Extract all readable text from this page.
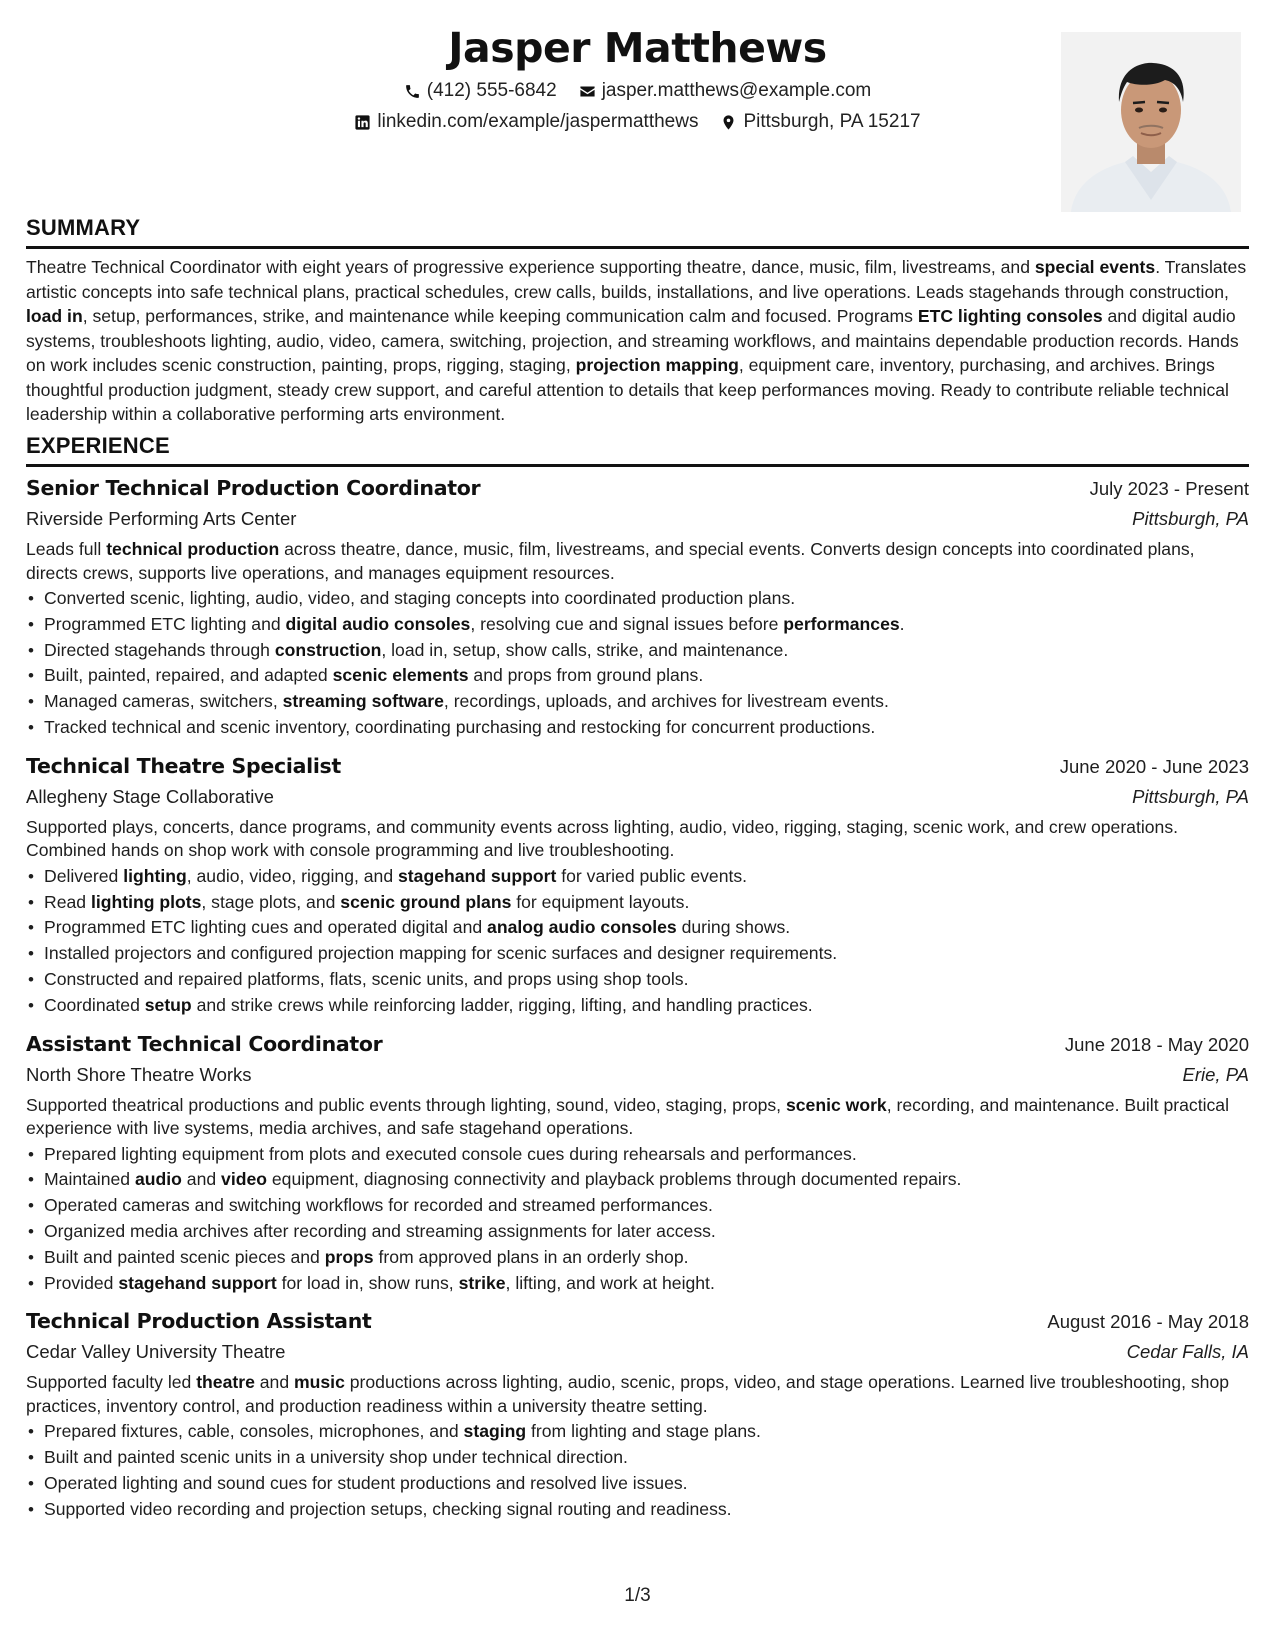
Jasper Matthews
(412) 555-6842 jasper.matthews@example.com
linkedin.com/example/jaspermatthews Pittsburgh, PA 15217
SUMMARY
Theatre Technical Coordinator with eight years of progressive experience supporting theatre, dance, music, film, livestreams, and special events. Translates artistic concepts into safe technical plans, practical schedules, crew calls, builds, installations, and live operations. Leads stagehands through construction, load in, setup, performances, strike, and maintenance while keeping communication calm and focused. Programs ETC lighting consoles and digital audio systems, troubleshoots lighting, audio, video, camera, switching, projection, and streaming workflows, and maintains dependable production records. Hands on work includes scenic construction, painting, props, rigging, staging, projection mapping, equipment care, inventory, purchasing, and archives. Brings thoughtful production judgment, steady crew support, and careful attention to details that keep performances moving. Ready to contribute reliable technical leadership within a collaborative performing arts environment.
EXPERIENCE
Senior Technical Production Coordinator	July 2023 - Present
Riverside Performing Arts Center	Pittsburgh, PA
Leads full technical production across theatre, dance, music, film, livestreams, and special events. Converts design concepts into coordinated plans, directs crews, supports live operations, and manages equipment resources.
• Converted scenic, lighting, audio, video, and staging concepts into coordinated production plans.
• Programmed ETC lighting and digital audio consoles, resolving cue and signal issues before performances.
• Directed stagehands through construction, load in, setup, show calls, strike, and maintenance.
• Built, painted, repaired, and adapted scenic elements and props from ground plans.
• Managed cameras, switchers, streaming software, recordings, uploads, and archives for livestream events.
• Tracked technical and scenic inventory, coordinating purchasing and restocking for concurrent productions.
Technical Theatre Specialist	June 2020 - June 2023
Allegheny Stage Collaborative	Pittsburgh, PA
Supported plays, concerts, dance programs, and community events across lighting, audio, video, rigging, staging, scenic work, and crew operations. Combined hands on shop work with console programming and live troubleshooting.
• Delivered lighting, audio, video, rigging, and stagehand support for varied public events.
• Read lighting plots, stage plots, and scenic ground plans for equipment layouts.
• Programmed ETC lighting cues and operated digital and analog audio consoles during shows.
• Installed projectors and configured projection mapping for scenic surfaces and designer requirements.
• Constructed and repaired platforms, flats, scenic units, and props using shop tools.
• Coordinated setup and strike crews while reinforcing ladder, rigging, lifting, and handling practices.
Assistant Technical Coordinator	June 2018 - May 2020
North Shore Theatre Works	Erie, PA
Supported theatrical productions and public events through lighting, sound, video, staging, props, scenic work, recording, and maintenance. Built practical experience with live systems, media archives, and safe stagehand operations.
• Prepared lighting equipment from plots and executed console cues during rehearsals and performances.
• Maintained audio and video equipment, diagnosing connectivity and playback problems through documented repairs.
• Operated cameras and switching workflows for recorded and streamed performances.
• Organized media archives after recording and streaming assignments for later access.
• Built and painted scenic pieces and props from approved plans in an orderly shop.
• Provided stagehand support for load in, show runs, strike, lifting, and work at height.
Technical Production Assistant	August 2016 - May 2018
Cedar Valley University Theatre	Cedar Falls, IA
Supported faculty led theatre and music productions across lighting, audio, scenic, props, video, and stage operations. Learned live troubleshooting, shop practices, inventory control, and production readiness within a university theatre setting.
• Prepared fixtures, cable, consoles, microphones, and staging from lighting and stage plans.
• Built and painted scenic units in a university shop under technical direction.
• Operated lighting and sound cues for student productions and resolved live issues.
• Supported video recording and projection setups, checking signal routing and readiness.
1/3
